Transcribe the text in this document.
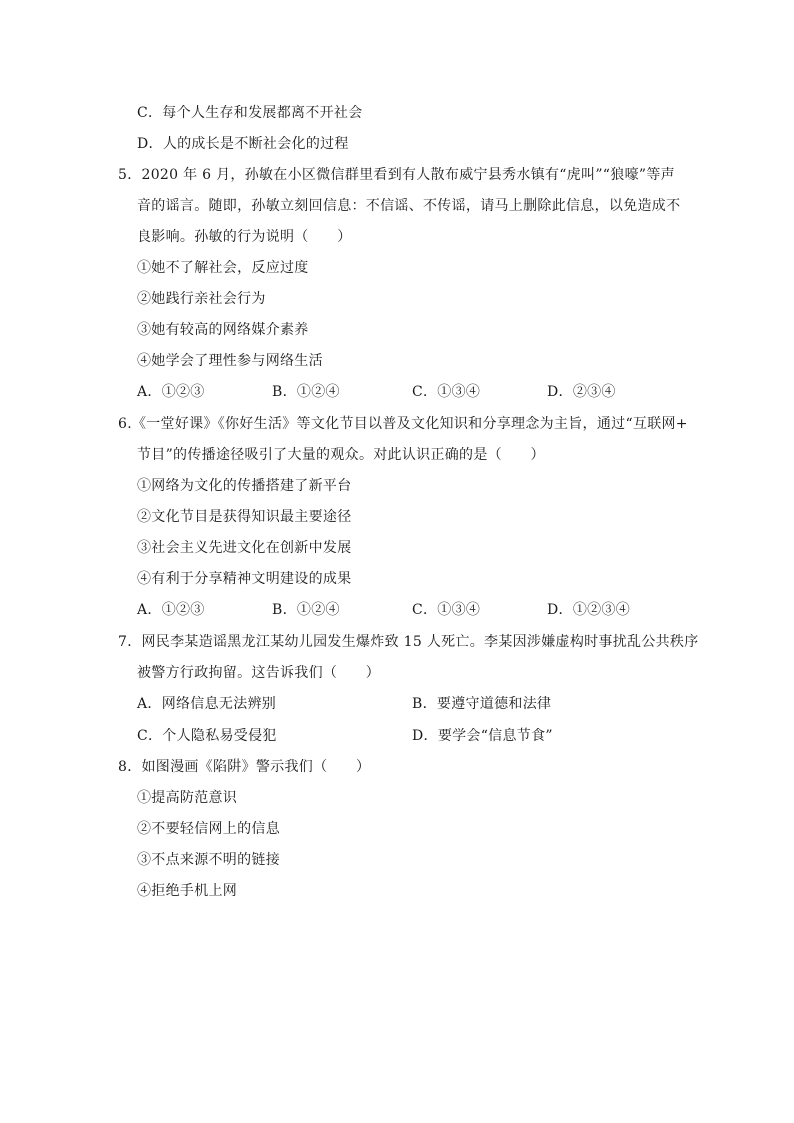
C．每个人生存和发展都离不开社会
D．人的成长是不断社会化的过程
5．2020 年 6 月，孙敏在小区微信群里看到有人散布威宁县秀水镇有“虎叫”“狼嚎”等声
音的谣言。随即，孙敏立刻回信息：不信谣、不传谣，请马上删除此信息，以免造成不
良影响。孙敏的行为说明（　　）
①她不了解社会，反应过度
②她践行亲社会行为
③她有较高的网络媒介素养
④她学会了理性参与网络生活
A．①②③	B．①②④	C．①③④	D．②③④
6.《一堂好课》《你好生活》等文化节目以普及文化知识和分享理念为主旨，通过“互联网+
节目”的传播途径吸引了大量的观众。对此认识正确的是（　　）
①网络为文化的传播搭建了新平台
②文化节目是获得知识最主要途径
③社会主义先进文化在创新中发展
④有利于分享精神文明建设的成果
A．①②③	B．①②④	C．①③④	D．①②③④
7．网民李某造谣黑龙江某幼儿园发生爆炸致 15 人死亡。李某因涉嫌虚构时事扰乱公共秩序
被警方行政拘留。这告诉我们（　　）
A．网络信息无法辨别	B．要遵守道德和法律
C．个人隐私易受侵犯	D．要学会“信息节食”
8．如图漫画《陷阱》警示我们（　　）
①提高防范意识
②不要轻信网上的信息
③不点来源不明的链接
④拒绝手机上网
